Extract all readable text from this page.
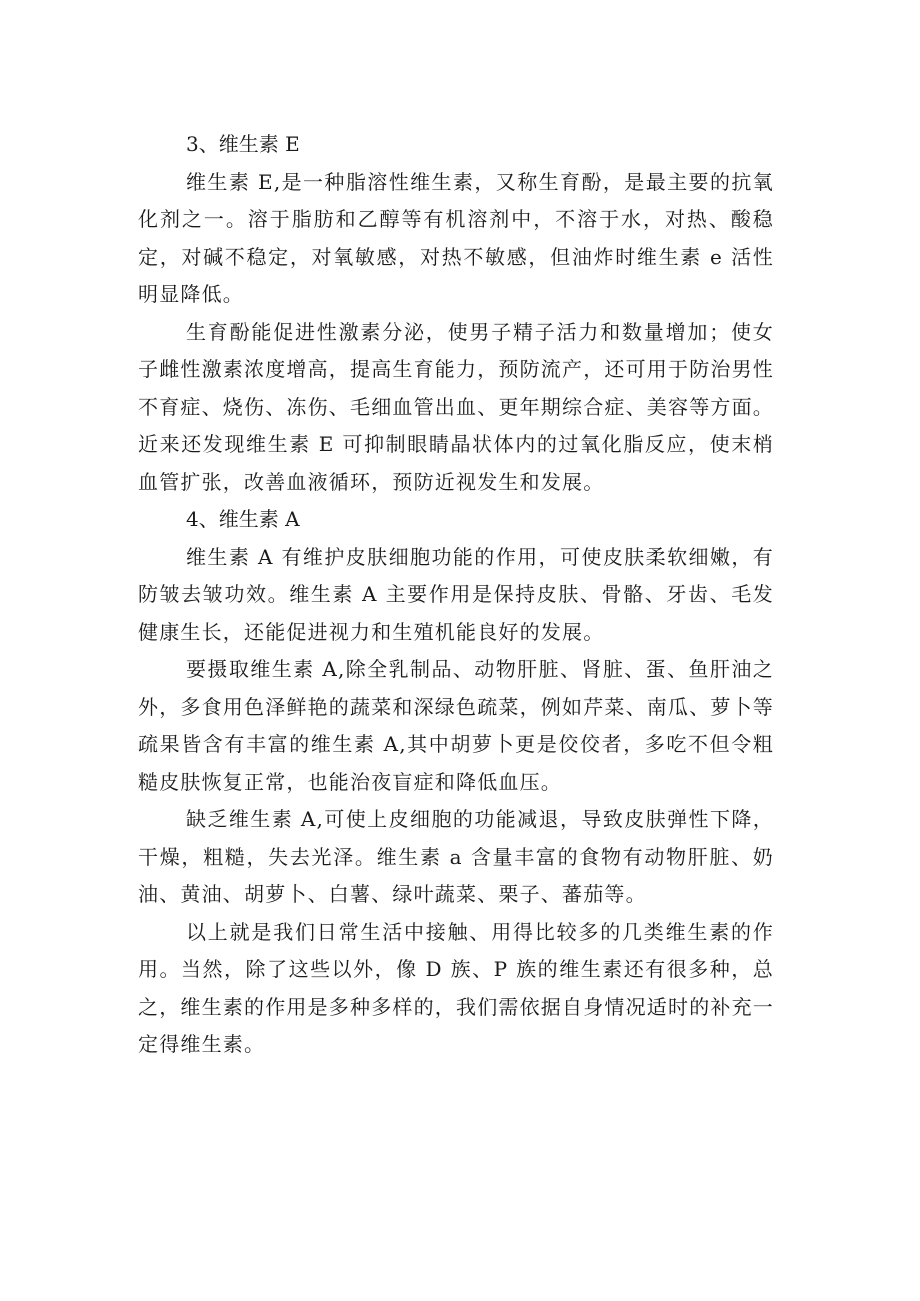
3、维生素 E

维生素 E,是一种脂溶性维生素，又称生育酚，是最主要的抗氧化剂之一。溶于脂肪和乙醇等有机溶剂中，不溶于水，对热、酸稳定，对碱不稳定，对氧敏感，对热不敏感，但油炸时维生素 e 活性明显降低。

生育酚能促进性激素分泌，使男子精子活力和数量增加；使女子雌性激素浓度增高，提高生育能力，预防流产，还可用于防治男性不育症、烧伤、冻伤、毛细血管出血、更年期综合症、美容等方面。近来还发现维生素 E 可抑制眼睛晶状体内的过氧化脂反应，使末梢血管扩张，改善血液循环，预防近视发生和发展。

4、维生素 A

维生素 A 有维护皮肤细胞功能的作用，可使皮肤柔软细嫩，有防皱去皱功效。维生素 A 主要作用是保持皮肤、骨骼、牙齿、毛发健康生长，还能促进视力和生殖机能良好的发展。

要摄取维生素 A,除全乳制品、动物肝脏、肾脏、蛋、鱼肝油之外，多食用色泽鲜艳的蔬菜和深绿色疏菜，例如芹菜、南瓜、萝卜等疏果皆含有丰富的维生素 A,其中胡萝卜更是佼佼者，多吃不但令粗糙皮肤恢复正常，也能治夜盲症和降低血压。

缺乏维生素 A,可使上皮细胞的功能减退，导致皮肤弹性下降，干燥，粗糙，失去光泽。维生素 a 含量丰富的食物有动物肝脏、奶油、黄油、胡萝卜、白薯、绿叶蔬菜、栗子、蕃茄等。

以上就是我们日常生活中接触、用得比较多的几类维生素的作用。当然，除了这些以外，像 D 族、P 族的维生素还有很多种，总之，维生素的作用是多种多样的，我们需依据自身情况适时的补充一定得维生素。
